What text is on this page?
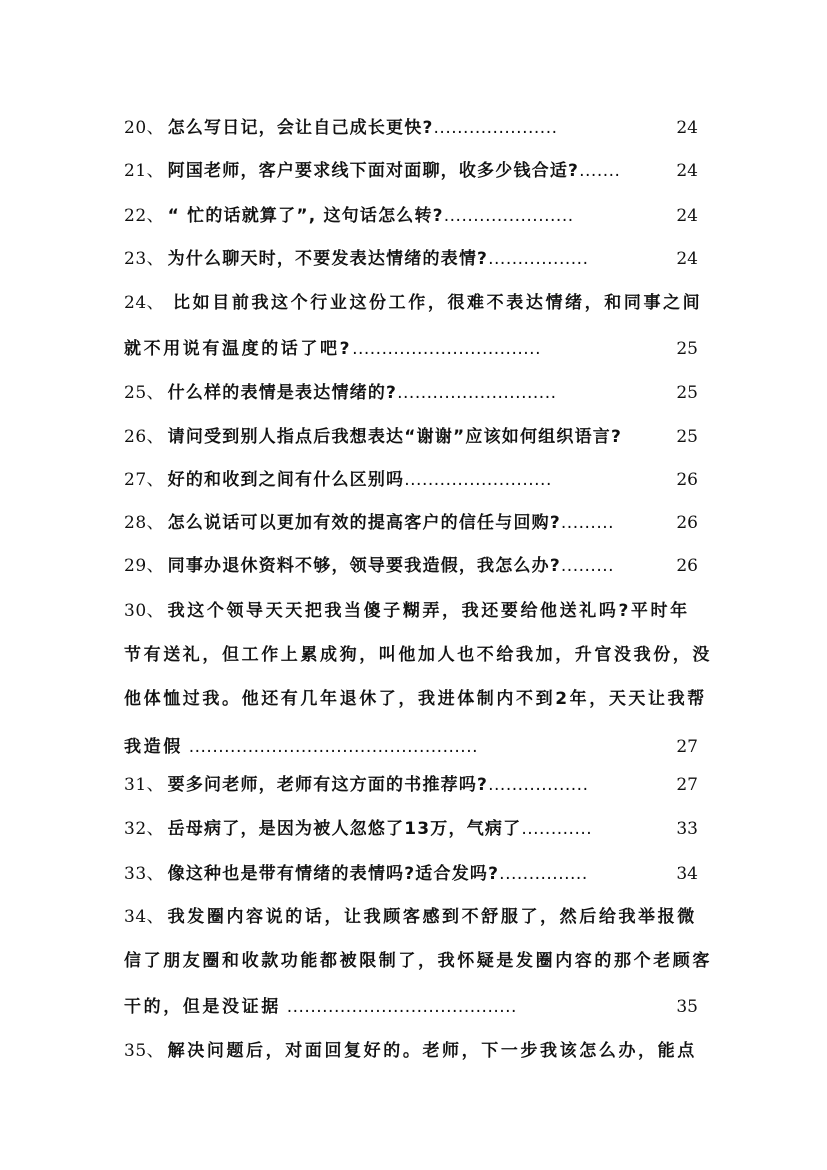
20、 怎么写日记，会让自己成长更快?.....................	24
21、 阿国老师，客户要求线下面对面聊，收多少钱合适?.......	24
22、 “ 忙的话就算了”, 这句话怎么转?......................	24
23、 为什么聊天时，不要发表达情绪的表情?.................	24
24、 比如目前我这个行业这份工作，很难不表达情绪，和同事之间
就不用说有温度的话了吧?................................	25
25、 什么样的表情是表达情绪的?...........................	25
26、 请问受到别人指点后我想表达“谢谢”应该如何组织语言?	25
27、 好的和收到之间有什么区别吗.........................	26
28、 怎么说话可以更加有效的提高客户的信任与回购?.........	26
29、 同事办退休资料不够，领导要我造假，我怎么办?.........	26
30、 我这个领导天天把我当傻子糊弄，我还要给他送礼吗?平时年
节有送礼，但工作上累成狗，叫他加人也不给我加，升官没我份，没
他体恤过我。他还有几年退休了，我进体制内不到2年，天天让我帮
我造假 .................................................	27
31、 要多问老师，老师有这方面的书推荐吗?.................	27
32、 岳母病了，是因为被人忽悠了13万，气病了............	33
33、 像这种也是带有情绪的表情吗?适合发吗?...............	34
34、 我发圈内容说的话，让我顾客感到不舒服了，然后给我举报微
信了朋友圈和收款功能都被限制了，我怀疑是发圈内容的那个老顾客
干的，但是没证据 .......................................	35
35、 解决问题后，对面回复好的。老师，下一步我该怎么办，能点
